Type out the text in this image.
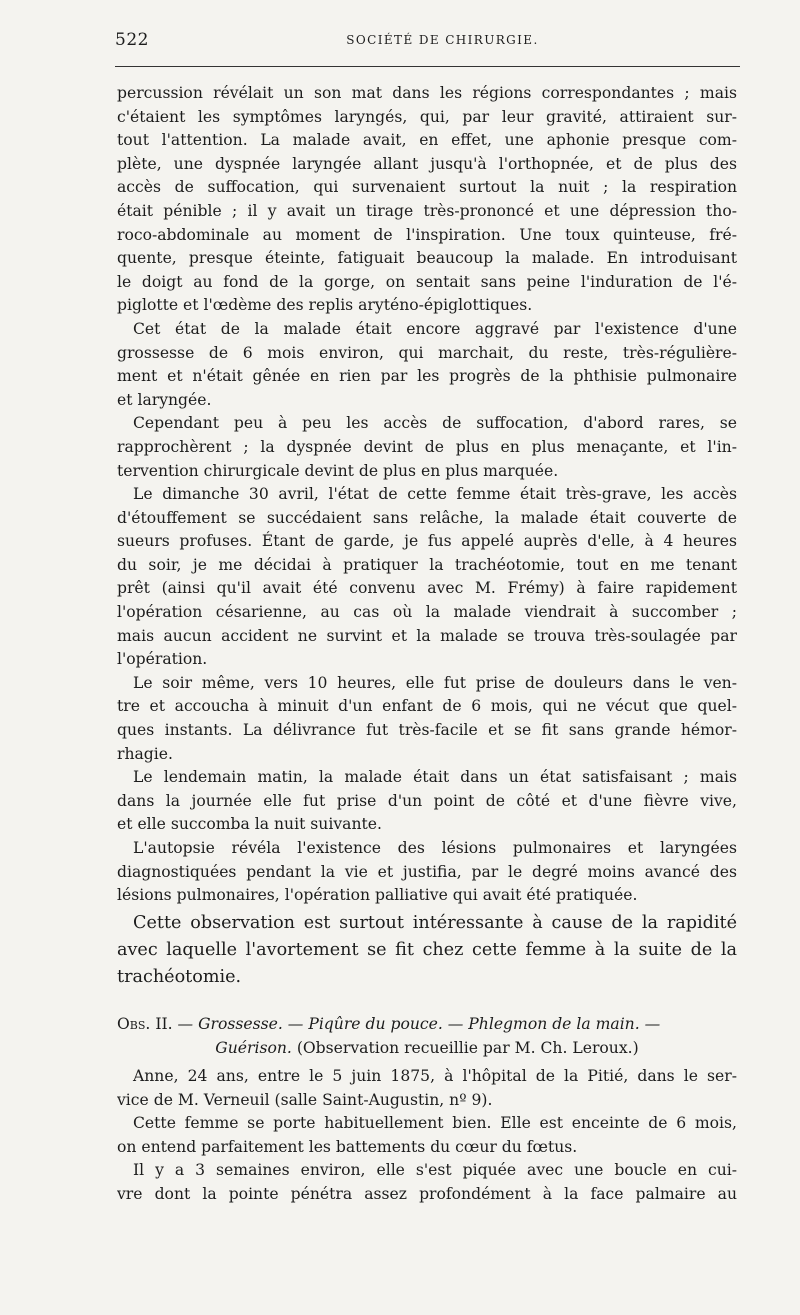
522	SOCIÉTÉ DE CHIRURGIE.
percussion révélait un son mat dans les régions correspondantes ; mais
c'étaient les symptômes laryngés, qui, par leur gravité, attiraient sur-
tout l'attention. La malade avait, en effet, une aphonie presque com-
plète, une dyspnée laryngée allant jusqu'à l'orthopnée, et de plus des
accès de suffocation, qui survenaient surtout la nuit ; la respiration
était pénible ; il y avait un tirage très-prononcé et une dépression tho-
roco-abdominale au moment de l'inspiration. Une toux quinteuse, fré-
quente, presque éteinte, fatiguait beaucoup la malade. En introduisant
le doigt au fond de la gorge, on sentait sans peine l'induration de l'é-
piglotte et l'œdème des replis aryténo-épiglottiques.
Cet état de la malade était encore aggravé par l'existence d'une
grossesse de 6 mois environ, qui marchait, du reste, très-régulière-
ment et n'était gênée en rien par les progrès de la phthisie pulmonaire
et laryngée.
Cependant peu à peu les accès de suffocation, d'abord rares, se
rapprochèrent ; la dyspnée devint de plus en plus menaçante, et l'in-
tervention chirurgicale devint de plus en plus marquée.
Le dimanche 30 avril, l'état de cette femme était très-grave, les accès
d'étouffement se succédaient sans relâche, la malade était couverte de
sueurs profuses. Étant de garde, je fus appelé auprès d'elle, à 4 heures
du soir, je me décidai à pratiquer la trachéotomie, tout en me tenant
prêt (ainsi qu'il avait été convenu avec M. Frémy) à faire rapidement
l'opération césarienne, au cas où la malade viendrait à succomber ;
mais aucun accident ne survint et la malade se trouva très-soulagée par
l'opération.
Le soir même, vers 10 heures, elle fut prise de douleurs dans le ven-
tre et accoucha à minuit d'un enfant de 6 mois, qui ne vécut que quel-
ques instants. La délivrance fut très-facile et se fit sans grande hémor-
rhagie.
Le lendemain matin, la malade était dans un état satisfaisant ; mais
dans la journée elle fut prise d'un point de côté et d'une fièvre vive,
et elle succomba la nuit suivante.
L'autopsie révéla l'existence des lésions pulmonaires et laryngées
diagnostiquées pendant la vie et justifia, par le degré moins avancé des
lésions pulmonaires, l'opération palliative qui avait été pratiquée.
Cette observation est surtout intéressante à cause de la rapidité
avec laquelle l'avortement se fit chez cette femme à la suite de la
trachéotomie.
Obs. II. — Grossesse. — Piqûre du pouce. — Phlegmon de la main. —
Guérison. (Observation recueillie par M. Ch. Leroux.)
Anne, 24 ans, entre le 5 juin 1875, à l'hôpital de la Pitié, dans le ser-
vice de M. Verneuil (salle Saint-Augustin, nº 9).
Cette femme se porte habituellement bien. Elle est enceinte de 6 mois,
on entend parfaitement les battements du cœur du fœtus.
Il y a 3 semaines environ, elle s'est piquée avec une boucle en cui-
vre dont la pointe pénétra assez profondément à la face palmaire au
